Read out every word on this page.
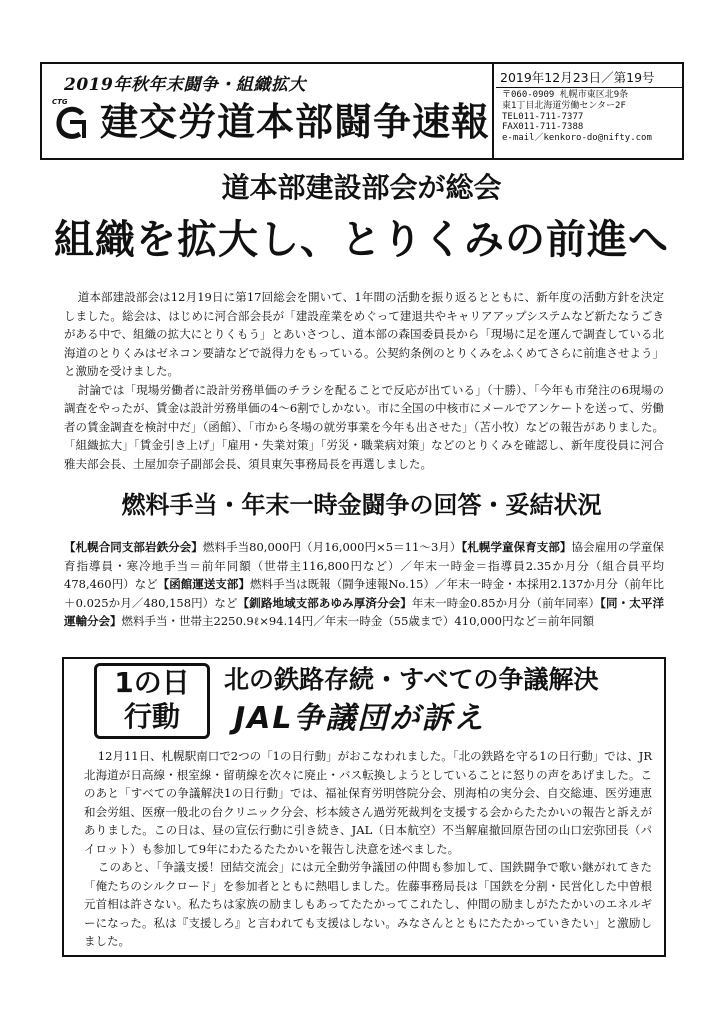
2019年秋年末闘争・組織拡大
CTG 建交労道本部闘争速報
2019年12月23日／第19号
〒060-0909 札幌市東区北9条
東1丁目北海道労働センター2F
TEL011-711-7377
FAX011-711-7388
e-mail／kenkoro-do@nifty.com
道本部建設部会が総会
組織を拡大し、とりくみの前進へ

道本部建設部会は12月19日に第17回総会を開いて、1年間の活動を振り返るとともに、新年度の活動方針を決定しました。総会は、はじめに河合部会長が「建設産業をめぐって建退共やキャリアアップシステムなど新たなうごきがある中で、組織の拡大にとりくもう」とあいさつし、道本部の森国委員長から「現場に足を運んで調査している北海道のとりくみはゼネコン要請などで説得力をもっている。公契約条例のとりくみをふくめてさらに前進させよう」と激励を受けました。

討論では「現場労働者に設計労務単価のチラシを配ることで反応が出ている」（十勝）、「今年も市発注の6現場の調査をやったが、賃金は設計労務単価の4～6割でしかない。市に全国の中核市にメールでアンケートを送って、労働者の賃金調査を検討中だ」（函館）、「市から冬場の就労事業を今年も出させた」（苫小牧）などの報告がありました。「組織拡大」「賃金引き上げ」「雇用・失業対策」「労災・職業病対策」などのとりくみを確認し、新年度役員に河合雅夫部会長、土屋加奈子副部会長、須貝東矢事務局長を再選しました。

燃料手当・年末一時金闘争の回答・妥結状況
【札幌合同支部岩鉄分会】燃料手当80,000円（月16,000円×5＝11～3月）【札幌学童保育支部】協会雇用の学童保育指導員・寒冷地手当＝前年同額（世帯主116,800円など）／年末一時金＝指導員2.35か月分（組合員平均478,460円）など【函館運送支部】燃料手当は既報（闘争速報No.15）／年末一時金・本採用2.137か月分（前年比＋0.025か月／480,158円）など【釧路地域支部あゆみ厚済分会】年末一時金0.85か月分（前年同率）【同・太平洋運輸分会】燃料手当・世帯主2250.9ℓ×94.14円／年末一時金（55歳まで）410,000円など＝前年同額
1の日
行動
北の鉄路存続・すべての争議解決
JAL争議団が訴え

12月11日、札幌駅南口で2つの「1の日行動」がおこなわれました。「北の鉄路を守る1の日行動」では、JR北海道が日高線・根室線・留萌線を次々に廃止・バス転換しようとしていることに怒りの声をあげました。このあと「すべての争議解決1の日行動」では、福祉保育労明啓院分会、別海柏の実分会、自交総連、医労連恵和会労組、医療一般北の台クリニック分会、杉本綾さん過労死裁判を支援する会からたたかいの報告と訴えがありました。この日は、昼の宣伝行動に引き続き、JAL（日本航空）不当解雇撤回原告団の山口宏弥団長（パイロット）も参加して9年にわたるたたかいを報告し決意を述べました。

このあと、「争議支援！団結交流会」には元全動労争議団の仲間も参加して、国鉄闘争で歌い継がれてきた「俺たちのシルクロード」を参加者とともに熱唱しました。佐藤事務局長は「国鉄を分割・民営化した中曽根元首相は許さない。私たちは家族の励ましもあってたたかってこれたし、仲間の励ましがたたかいのエネルギーになった。私は『支援しろ』と言われても支援はしない。みなさんとともにたたかっていきたい」と激励しました。
